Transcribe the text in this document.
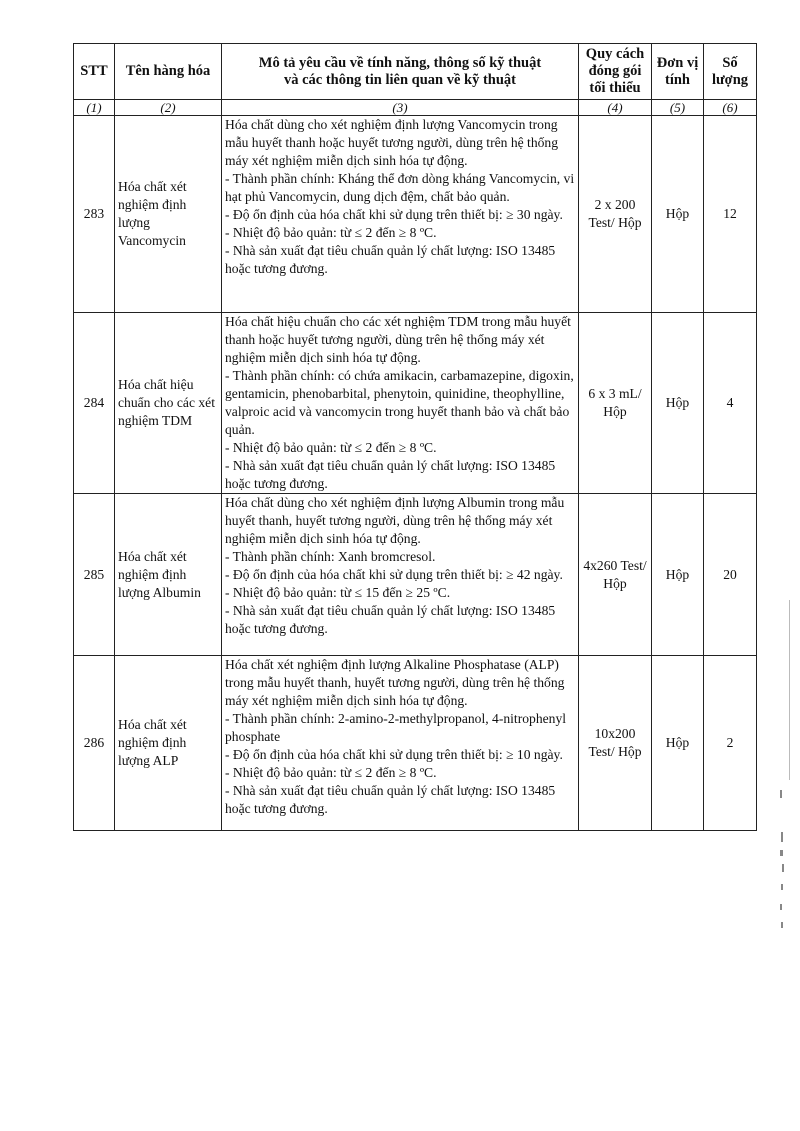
STT	Tên hàng hóa	Mô tả yêu cầu về tính năng, thông số kỹ thuật
và các thông tin liên quan về kỹ thuật	Quy cách
đóng gói
tối thiểu	Đơn vị
tính	Số
lượng
(1)	(2)	(3)	(4)	(5)	(6)
283	Hóa chất xét nghiệm định lượng Vancomycin	Hóa chất dùng cho xét nghiệm định lượng Vancomycin trong mẫu huyết thanh hoặc huyết tương người, dùng trên hệ thống máy xét nghiệm miễn dịch sinh hóa tự động.
- Thành phần chính: Kháng thể đơn dòng kháng Vancomycin, vi hạt phủ Vancomycin, dung dịch đệm, chất bảo quản.
- Độ ổn định của hóa chất khi sử dụng trên thiết bị: ≥ 30 ngày.
- Nhiệt độ bảo quản: từ ≤ 2 đến ≥ 8 ºC.
- Nhà sản xuất đạt tiêu chuẩn quản lý chất lượng: ISO 13485 hoặc tương đương.	2 x 200 Test/ Hộp	Hộp	12
284	Hóa chất hiệu chuẩn cho các xét nghiệm TDM	Hóa chất hiệu chuẩn cho các xét nghiệm TDM trong mẫu huyết thanh hoặc huyết tương người, dùng trên hệ thống máy xét nghiệm miễn dịch sinh hóa tự động.
- Thành phần chính: có chứa amikacin, carbamazepine, digoxin, gentamicin, phenobarbital, phenytoin, quinidine, theophylline, valproic acid và vancomycin trong huyết thanh bảo và chất bảo quản.
- Nhiệt độ bảo quản: từ ≤ 2 đến ≥ 8 ºC.
- Nhà sản xuất đạt tiêu chuẩn quản lý chất lượng: ISO 13485 hoặc tương đương.	6 x 3 mL/ Hộp	Hộp	4
285	Hóa chất xét nghiệm định lượng Albumin	Hóa chất dùng cho xét nghiệm định lượng Albumin trong mẫu huyết thanh, huyết tương người, dùng trên hệ thống máy xét nghiệm miễn dịch sinh hóa tự động.
- Thành phần chính: Xanh bromcresol.
- Độ ổn định của hóa chất khi sử dụng trên thiết bị: ≥ 42 ngày.
- Nhiệt độ bảo quản: từ ≤ 15 đến ≥ 25 ºC.
- Nhà sản xuất đạt tiêu chuẩn quản lý chất lượng: ISO 13485 hoặc tương đương.	4x260 Test/ Hộp	Hộp	20
286	Hóa chất xét nghiệm định lượng ALP	Hóa chất xét nghiệm định lượng Alkaline Phosphatase (ALP) trong mẫu huyết thanh, huyết tương người, dùng trên hệ thống máy xét nghiệm miễn dịch sinh hóa tự động.
- Thành phần chính: 2-amino-2-methylpropanol, 4-nitrophenyl phosphate
- Độ ổn định của hóa chất khi sử dụng trên thiết bị: ≥ 10 ngày.
- Nhiệt độ bảo quản: từ ≤ 2 đến ≥ 8 ºC.
- Nhà sản xuất đạt tiêu chuẩn quản lý chất lượng: ISO 13485 hoặc tương đương.	10x200 Test/ Hộp	Hộp	2
